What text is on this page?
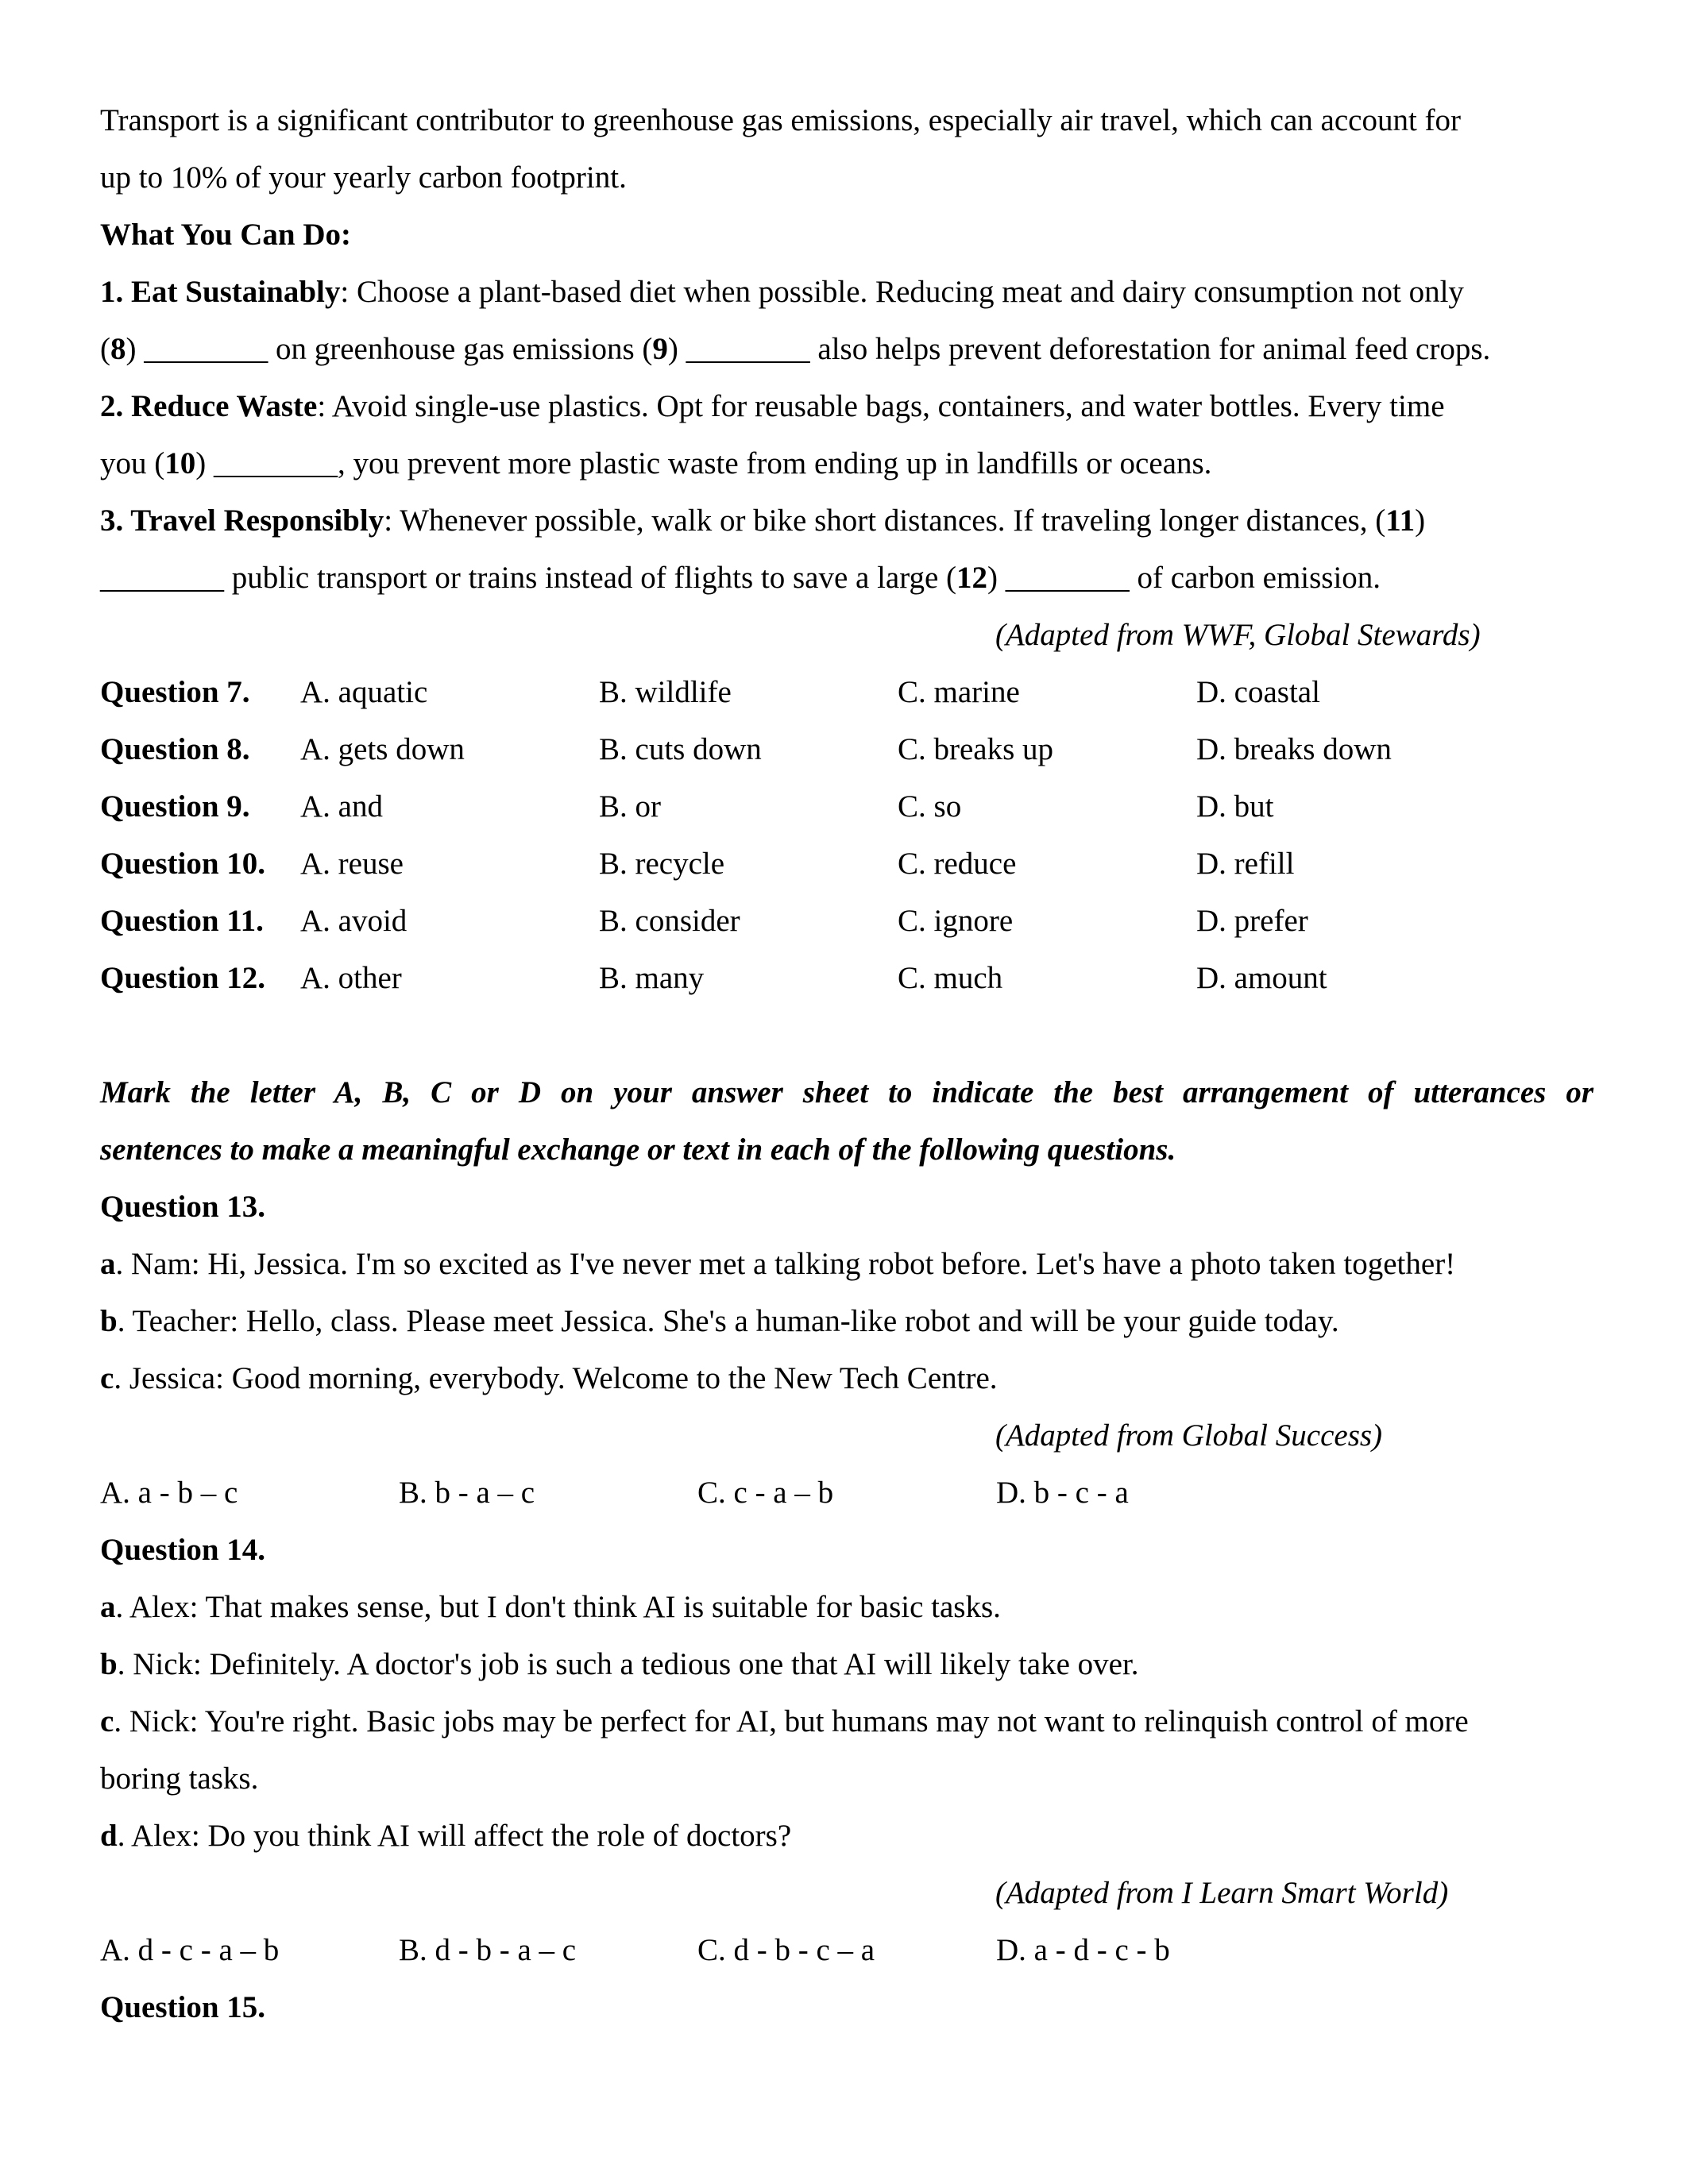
Transport is a significant contributor to greenhouse gas emissions, especially air travel, which can account for
up to 10% of your yearly carbon footprint.
What You Can Do:
1. Eat Sustainably: Choose a plant-based diet when possible. Reducing meat and dairy consumption not only
(8) ________ on greenhouse gas emissions (9) ________ also helps prevent deforestation for animal feed crops.
2. Reduce Waste: Avoid single-use plastics. Opt for reusable bags, containers, and water bottles. Every time
you (10) ________, you prevent more plastic waste from ending up in landfills or oceans.
3. Travel Responsibly: Whenever possible, walk or bike short distances. If traveling longer distances, (11)
________ public transport or trains instead of flights to save a large (12) ________ of carbon emission.
(Adapted from WWF, Global Stewards)
Question 7.	A. aquatic	B. wildlife	C. marine	D. coastal
Question 8.	A. gets down	B. cuts down	C. breaks up	D. breaks down
Question 9.	A. and	B. or	C. so	D. but
Question 10.	A. reuse	B. recycle	C. reduce	D. refill
Question 11.	A. avoid	B. consider	C. ignore	D. prefer
Question 12.	A. other	B. many	C. much	D. amount
Mark the letter A, B, C or D on your answer sheet to indicate the best arrangement of utterances or
sentences to make a meaningful exchange or text in each of the following questions.
Question 13.
a. Nam: Hi, Jessica. I'm so excited as I've never met a talking robot before. Let's have a photo taken together!
b. Teacher: Hello, class. Please meet Jessica. She's a human-like robot and will be your guide today.
c. Jessica: Good morning, everybody. Welcome to the New Tech Centre.
(Adapted from Global Success)
A. a - b – c	B. b - a – c	C. c - a – b	D. b - c - a
Question 14.
a. Alex: That makes sense, but I don't think AI is suitable for basic tasks.
b. Nick: Definitely. A doctor's job is such a tedious one that AI will likely take over.
c. Nick: You're right. Basic jobs may be perfect for AI, but humans may not want to relinquish control of more
boring tasks.
d. Alex: Do you think AI will affect the role of doctors?
(Adapted from I Learn Smart World)
A. d - c - a – b	B. d - b - a – c	C. d - b - c – a	D. a - d - c - b
Question 15.
